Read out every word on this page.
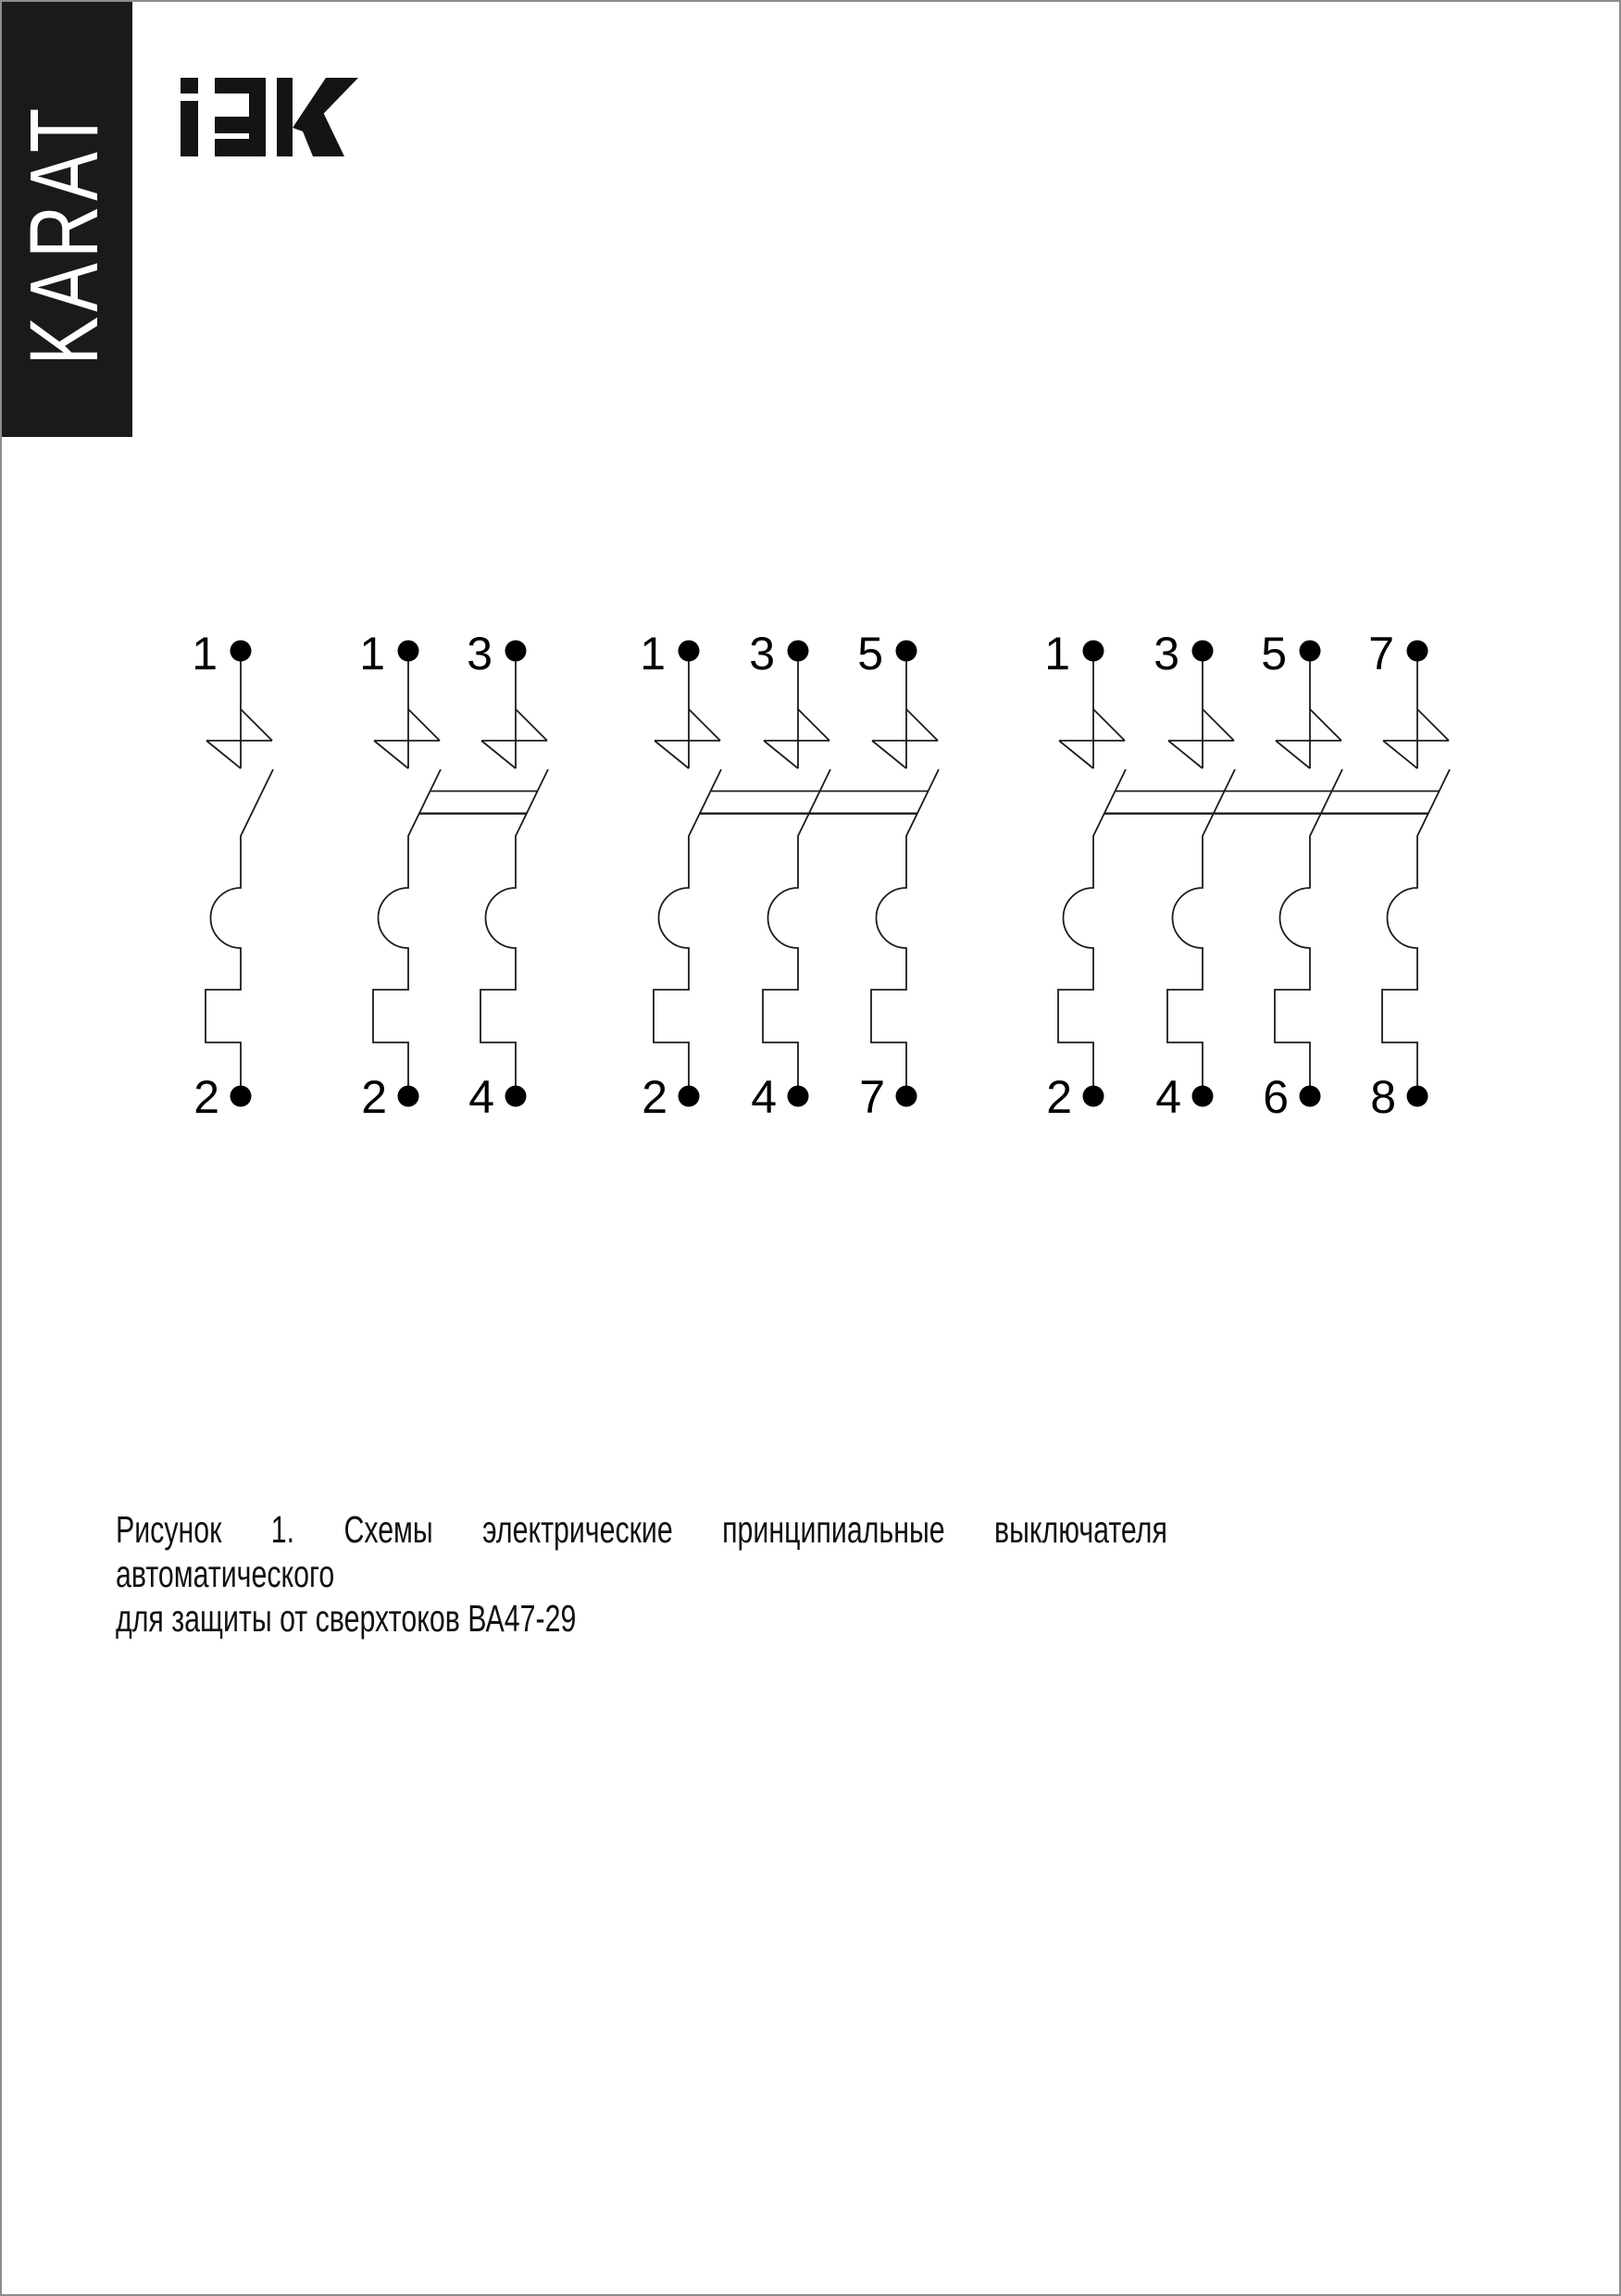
KARAT
1
2
1
2
3
4
1
2
3
4
5
7
1
2
3
4
5
6
7
8
Рисунок 1. Схемы электрические принципиальные выключателя автоматического
для защиты от сверхтоков ВА47-29
